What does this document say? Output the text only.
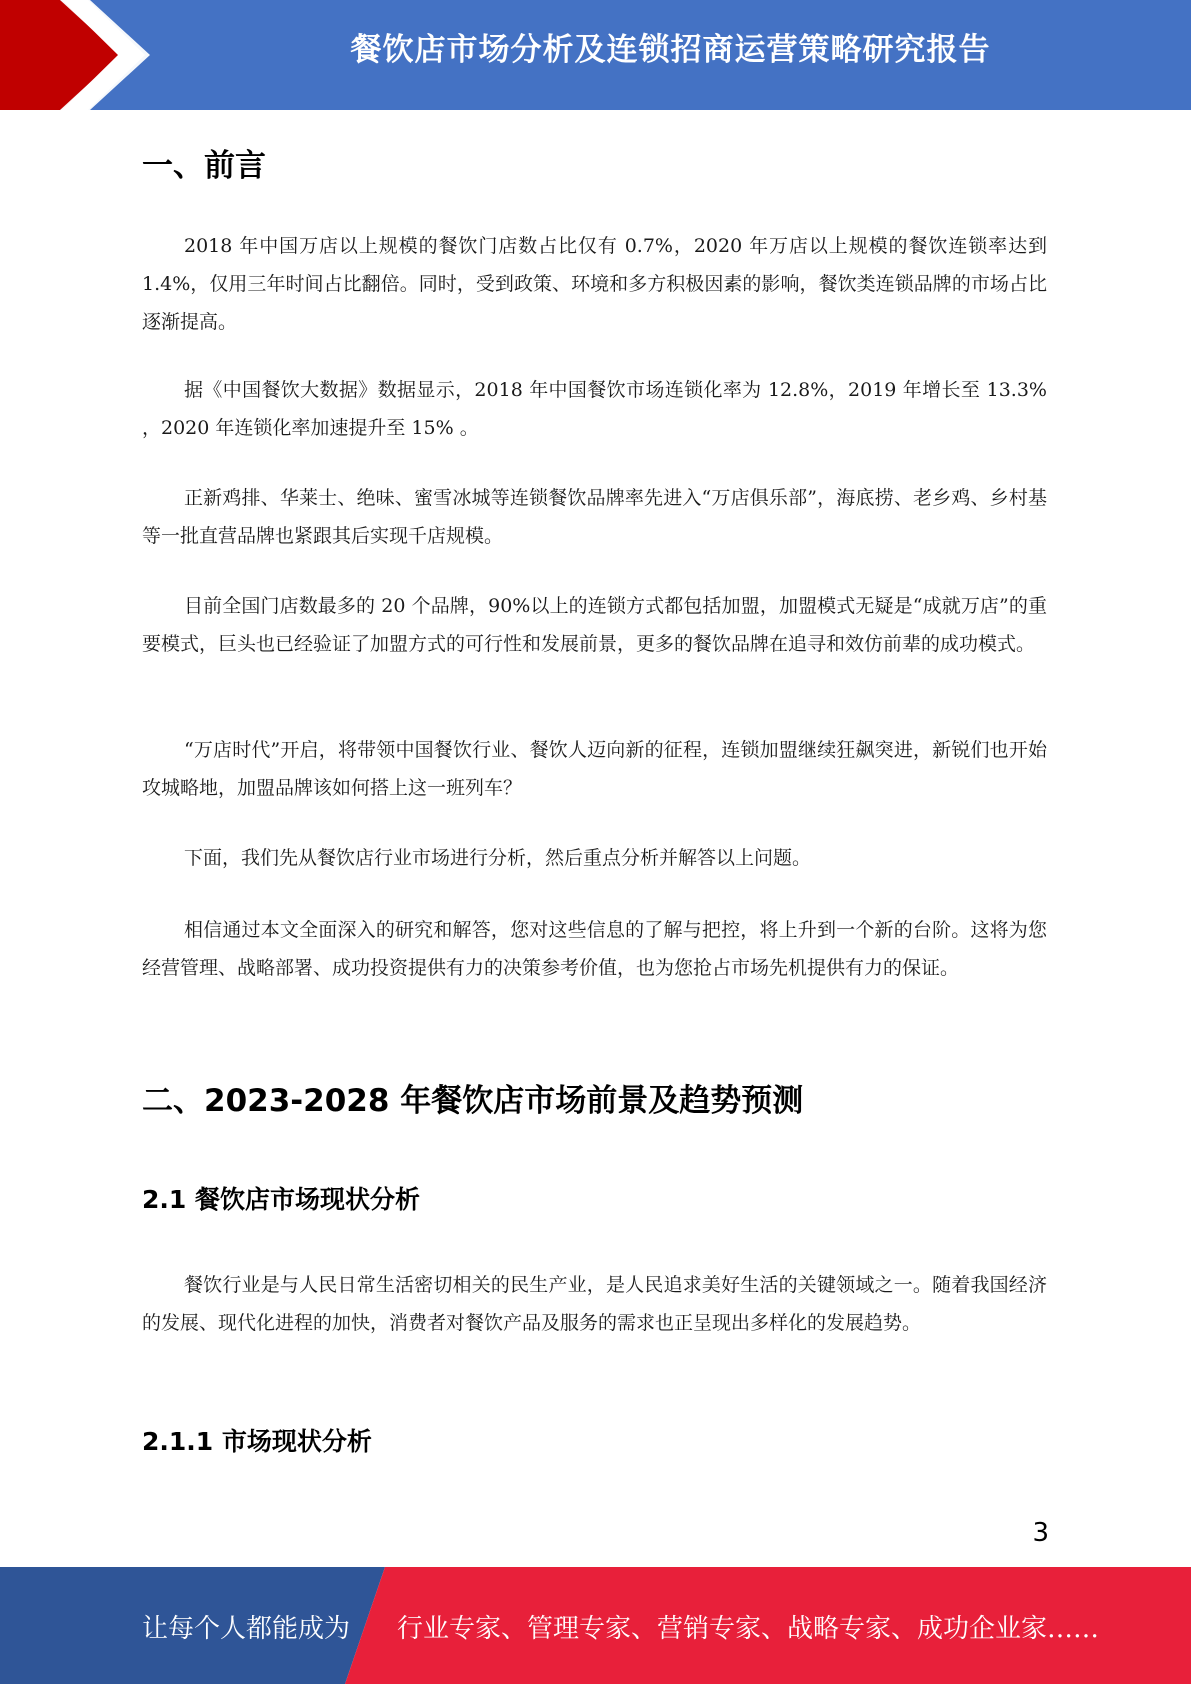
餐饮店市场分析及连锁招商运营策略研究报告
一、前言

2018 年中国万店以上规模的餐饮门店数占比仅有 0.7%，2020 年万店以上规模的餐饮连锁率达到 1.4%，仅用三年时间占比翻倍。同时，受到政策、环境和多方积极因素的影响，餐饮类连锁品牌的市场占比逐渐提高。

据《中国餐饮大数据》数据显示，2018 年中国餐饮市场连锁化率为 12.8%，2019 年增长至 13.3% ，2020 年连锁化率加速提升至 15% 。

正新鸡排、华莱士、绝味、蜜雪冰城等连锁餐饮品牌率先进入“万店俱乐部”，海底捞、老乡鸡、乡村基等一批直营品牌也紧跟其后实现千店规模。

目前全国门店数最多的 20 个品牌，90%以上的连锁方式都包括加盟，加盟模式无疑是“成就万店”的重要模式，巨头也已经验证了加盟方式的可行性和发展前景，更多的餐饮品牌在追寻和效仿前辈的成功模式。

“万店时代”开启，将带领中国餐饮行业、餐饮人迈向新的征程，连锁加盟继续狂飙突进，新锐们也开始攻城略地，加盟品牌该如何搭上这一班列车？

下面，我们先从餐饮店行业市场进行分析，然后重点分析并解答以上问题。

相信通过本文全面深入的研究和解答，您对这些信息的了解与把控，将上升到一个新的台阶。这将为您经营管理、战略部署、成功投资提供有力的决策参考价值，也为您抢占市场先机提供有力的保证。

二、2023-2028 年餐饮店市场前景及趋势预测
2.1 餐饮店市场现状分析

餐饮行业是与人民日常生活密切相关的民生产业，是人民追求美好生活的关键领域之一。随着我国经济的发展、现代化进程的加快，消费者对餐饮产品及服务的需求也正呈现出多样化的发展趋势。

2.1.1 市场现状分析
3
让每个人都能成为 行业专家、管理专家、营销专家、战略专家、成功企业家……
